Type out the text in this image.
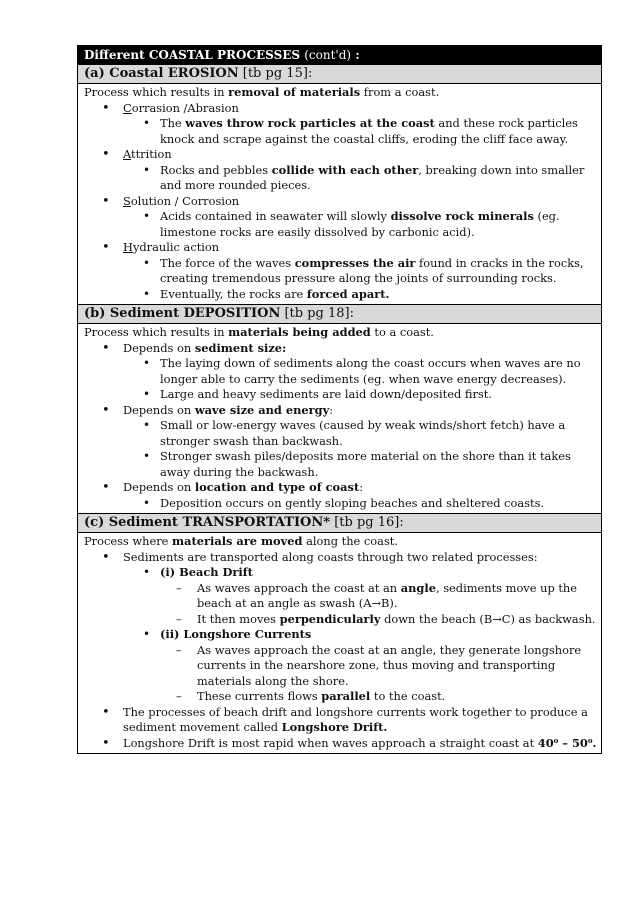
Different COASTAL PROCESSES (cont'd) :
(a) Coastal EROSION [tb pg 15]:
Process which results in removal of materials from a coast.
• Corrasion /Abrasion
• The waves throw rock particles at the coast and these rock particles knock and scrape against the coastal cliffs, eroding the cliff face away.
• Attrition
• Rocks and pebbles collide with each other, breaking down into smaller and more rounded pieces.
• Solution / Corrosion
• Acids contained in seawater will slowly dissolve rock minerals (eg. limestone rocks are easily dissolved by carbonic acid).
• Hydraulic action
• The force of the waves compresses the air found in cracks in the rocks, creating tremendous pressure along the joints of surrounding rocks.
• Eventually, the rocks are forced apart.
(b) Sediment DEPOSITION [tb pg 18]:
Process which results in materials being added to a coast.
• Depends on sediment size:
• The laying down of sediments along the coast occurs when waves are no longer able to carry the sediments (eg. when wave energy decreases).
• Large and heavy sediments are laid down/deposited first.
• Depends on wave size and energy:
• Small or low-energy waves (caused by weak winds/short fetch) have a stronger swash than backwash.
• Stronger swash piles/deposits more material on the shore than it takes away during the backwash.
• Depends on location and type of coast:
• Deposition occurs on gently sloping beaches and sheltered coasts.
(c) Sediment TRANSPORTATION* [tb pg 16]:
Process where materials are moved along the coast.
• Sediments are transported along coasts through two related processes:
• (i) Beach Drift
– As waves approach the coast at an angle, sediments move up the beach at an angle as swash (A→B).
– It then moves perpendicularly down the beach (B→C) as backwash.
• (ii) Longshore Currents
– As waves approach the coast at an angle, they generate longshore currents in the nearshore zone, thus moving and transporting materials along the shore.
– These currents flows parallel to the coast.
• The processes of beach drift and longshore currents work together to produce a sediment movement called Longshore Drift.
• Longshore Drift is most rapid when waves approach a straight coast at 40$^o$ – 50$^o$.
